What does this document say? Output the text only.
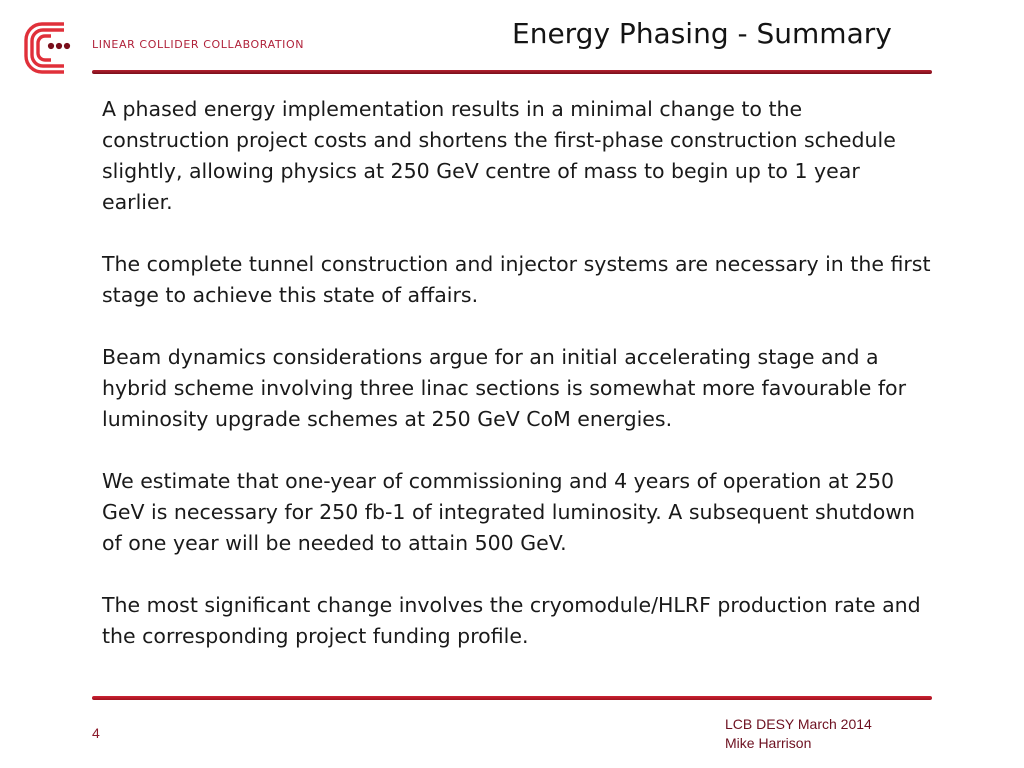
LINEAR COLLIDER COLLABORATION	Energy Phasing - Summary

A phased energy implementation results in a minimal change to the construction project costs and shortens the first-phase construction schedule slightly, allowing physics at 250 GeV centre of mass to begin up to 1 year earlier.

The complete tunnel construction and injector systems are necessary in the first stage to achieve this state of affairs.

Beam dynamics considerations argue for an initial accelerating stage and a hybrid scheme involving three linac sections is somewhat more favourable for luminosity upgrade schemes at 250 GeV CoM energies.

We estimate that one-year of commissioning and 4 years of operation at 250 GeV is necessary for 250 fb-1 of integrated luminosity. A subsequent shutdown of one year will be needed to attain 500 GeV.

The most significant change involves the cryomodule/HLRF production rate and the corresponding project funding profile.

4
LCB DESY March 2014
Mike Harrison
